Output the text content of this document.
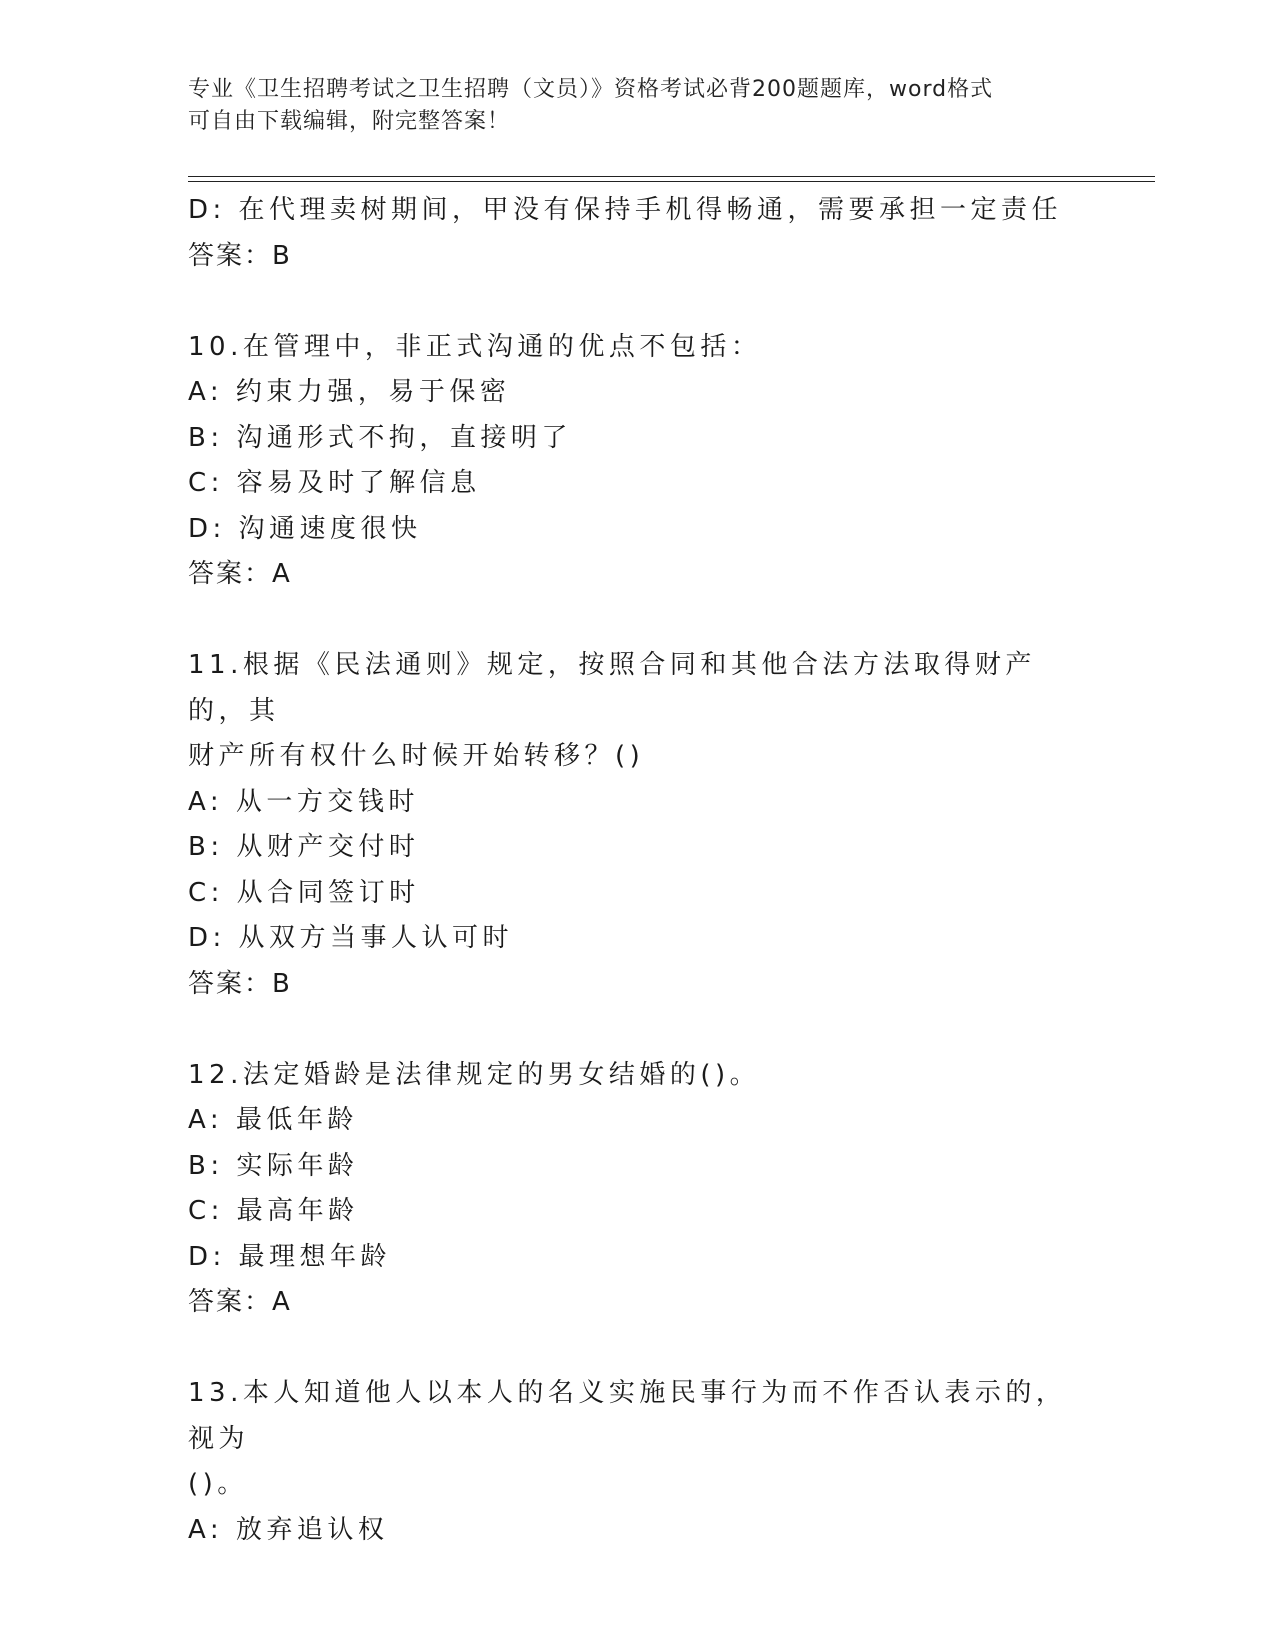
专业《卫生招聘考试之卫生招聘（文员）》资格考试必背200题题库，word格式
可自由下载编辑，附完整答案！
D: 在代理卖树期间，甲没有保持手机得畅通，需要承担一定责任
答案：B
10.在管理中，非正式沟通的优点不包括：
A: 约束力强，易于保密
B: 沟通形式不拘，直接明了
C: 容易及时了解信息
D: 沟通速度很快
答案：A
11.根据《民法通则》规定，按照合同和其他合法方法取得财产的，其
财产所有权什么时候开始转移？()
A: 从一方交钱时
B: 从财产交付时
C: 从合同签订时
D: 从双方当事人认可时
答案：B
12.法定婚龄是法律规定的男女结婚的()。
A: 最低年龄
B: 实际年龄
C: 最高年龄
D: 最理想年龄
答案：A
13.本人知道他人以本人的名义实施民事行为而不作否认表示的，视为
()。
A: 放弃追认权
